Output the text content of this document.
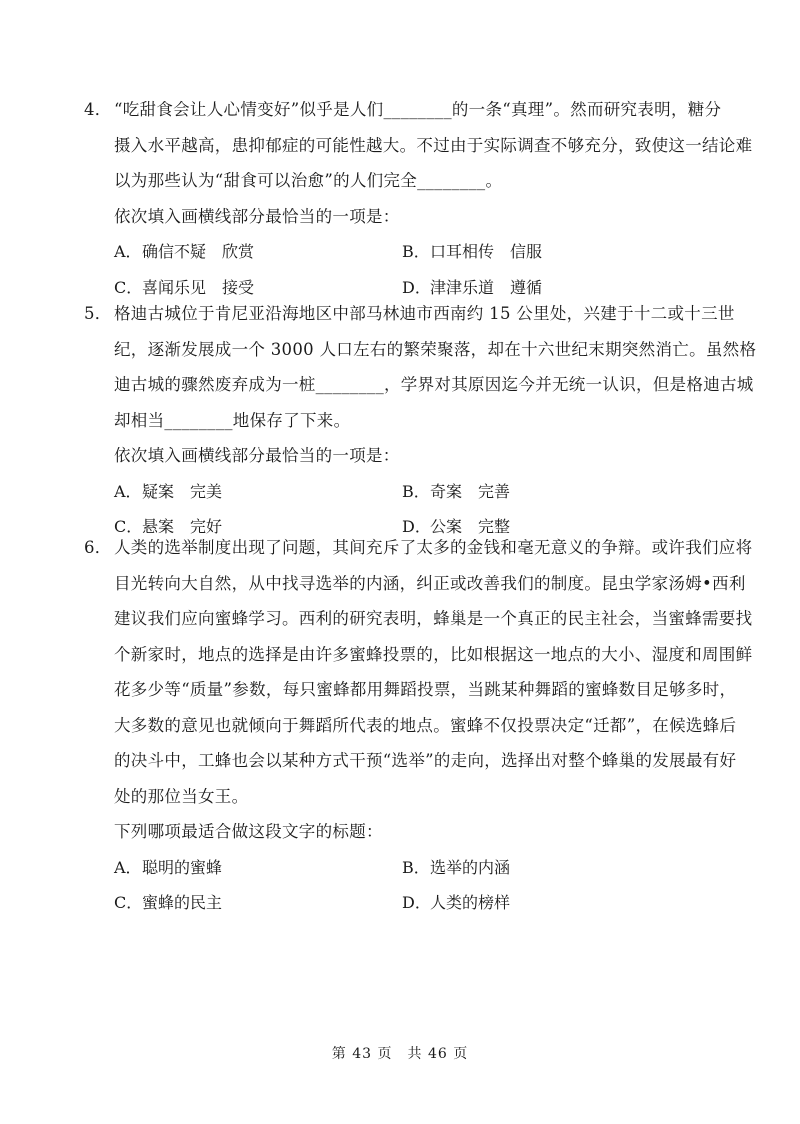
4． “吃甜食会让人心情变好”似乎是人们________的一条“真理”。然而研究表明，糖分
摄入水平越高，患抑郁症的可能性越大。不过由于实际调查不够充分，致使这一结论难
以为那些认为“甜食可以治愈”的人们完全________。
依次填入画横线部分最恰当的一项是：
A．确信不疑　欣赏	B．口耳相传　信服
C．喜闻乐见　接受	D．津津乐道　遵循
5． 格迪古城位于肯尼亚沿海地区中部马林迪市西南约 15 公里处，兴建于十二或十三世
纪，逐渐发展成一个 3000 人口左右的繁荣聚落，却在十六世纪末期突然消亡。虽然格
迪古城的骤然废弃成为一桩________，学界对其原因迄今并无统一认识，但是格迪古城
却相当________地保存了下来。
依次填入画横线部分最恰当的一项是：
A．疑案　完美	B．奇案　完善
C．悬案　完好	D．公案　完整
6． 人类的选举制度出现了问题，其间充斥了太多的金钱和毫无意义的争辩。或许我们应将
目光转向大自然，从中找寻选举的内涵，纠正或改善我们的制度。昆虫学家汤姆•西利
建议我们应向蜜蜂学习。西利的研究表明，蜂巢是一个真正的民主社会，当蜜蜂需要找
个新家时，地点的选择是由许多蜜蜂投票的，比如根据这一地点的大小、湿度和周围鲜
花多少等“质量”参数，每只蜜蜂都用舞蹈投票，当跳某种舞蹈的蜜蜂数目足够多时，
大多数的意见也就倾向于舞蹈所代表的地点。蜜蜂不仅投票决定“迁都”，在候选蜂后
的决斗中，工蜂也会以某种方式干预“选举”的走向，选择出对整个蜂巢的发展最有好
处的那位当女王。
下列哪项最适合做这段文字的标题：
A．聪明的蜜蜂	B．选举的内涵
C．蜜蜂的民主	D．人类的榜样
第 43 页　共 46 页
